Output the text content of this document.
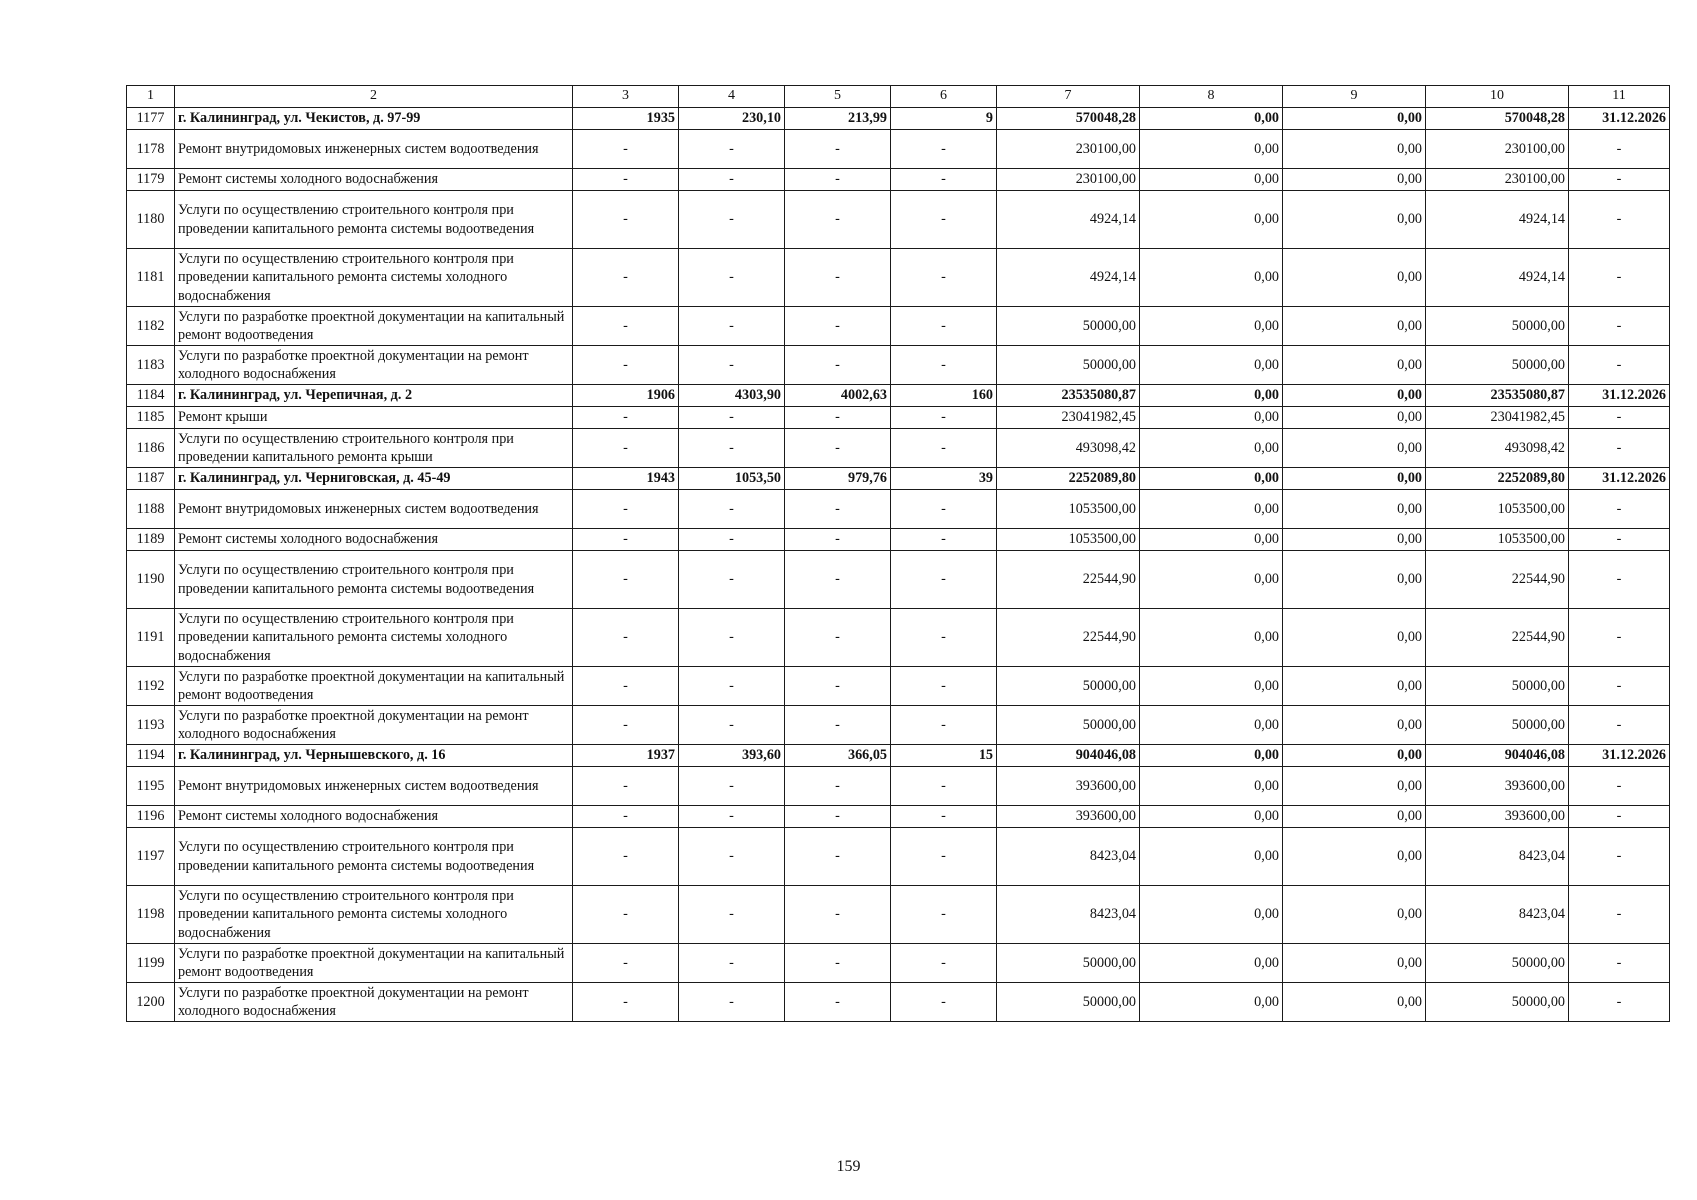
1	2	3	4	5	6	7	8	9	10	11
1177	г. Калининград, ул. Чекистов, д. 97-99	1935	230,10	213,99	9	570048,28	0,00	0,00	570048,28	31.12.2026
1178	Ремонт внутридомовых инженерных систем водоотведения	-	-	-	-	230100,00	0,00	0,00	230100,00	-
1179	Ремонт системы холодного водоснабжения	-	-	-	-	230100,00	0,00	0,00	230100,00	-
1180	Услуги по осуществлению строительного контроля при проведении капитального ремонта системы водоотведения	-	-	-	-	4924,14	0,00	0,00	4924,14	-
1181	Услуги по осуществлению строительного контроля при проведении капитального ремонта системы холодного водоснабжения	-	-	-	-	4924,14	0,00	0,00	4924,14	-
1182	Услуги по разработке проектной документации на капитальный ремонт водоотведения	-	-	-	-	50000,00	0,00	0,00	50000,00	-
1183	Услуги по разработке проектной документации на ремонт холодного водоснабжения	-	-	-	-	50000,00	0,00	0,00	50000,00	-
1184	г. Калининград, ул. Черепичная, д. 2	1906	4303,90	4002,63	160	23535080,87	0,00	0,00	23535080,87	31.12.2026
1185	Ремонт крыши	-	-	-	-	23041982,45	0,00	0,00	23041982,45	-
1186	Услуги по осуществлению строительного контроля при проведении капитального ремонта крыши	-	-	-	-	493098,42	0,00	0,00	493098,42	-
1187	г. Калининград, ул. Черниговская, д. 45-49	1943	1053,50	979,76	39	2252089,80	0,00	0,00	2252089,80	31.12.2026
1188	Ремонт внутридомовых инженерных систем водоотведения	-	-	-	-	1053500,00	0,00	0,00	1053500,00	-
1189	Ремонт системы холодного водоснабжения	-	-	-	-	1053500,00	0,00	0,00	1053500,00	-
1190	Услуги по осуществлению строительного контроля при проведении капитального ремонта системы водоотведения	-	-	-	-	22544,90	0,00	0,00	22544,90	-
1191	Услуги по осуществлению строительного контроля при проведении капитального ремонта системы холодного водоснабжения	-	-	-	-	22544,90	0,00	0,00	22544,90	-
1192	Услуги по разработке проектной документации на капитальный ремонт водоотведения	-	-	-	-	50000,00	0,00	0,00	50000,00	-
1193	Услуги по разработке проектной документации на ремонт холодного водоснабжения	-	-	-	-	50000,00	0,00	0,00	50000,00	-
1194	г. Калининград, ул. Чернышевского, д. 16	1937	393,60	366,05	15	904046,08	0,00	0,00	904046,08	31.12.2026
1195	Ремонт внутридомовых инженерных систем водоотведения	-	-	-	-	393600,00	0,00	0,00	393600,00	-
1196	Ремонт системы холодного водоснабжения	-	-	-	-	393600,00	0,00	0,00	393600,00	-
1197	Услуги по осуществлению строительного контроля при проведении капитального ремонта системы водоотведения	-	-	-	-	8423,04	0,00	0,00	8423,04	-
1198	Услуги по осуществлению строительного контроля при проведении капитального ремонта системы холодного водоснабжения	-	-	-	-	8423,04	0,00	0,00	8423,04	-
1199	Услуги по разработке проектной документации на капитальный ремонт водоотведения	-	-	-	-	50000,00	0,00	0,00	50000,00	-
1200	Услуги по разработке проектной документации на ремонт холодного водоснабжения	-	-	-	-	50000,00	0,00	0,00	50000,00	-
159
